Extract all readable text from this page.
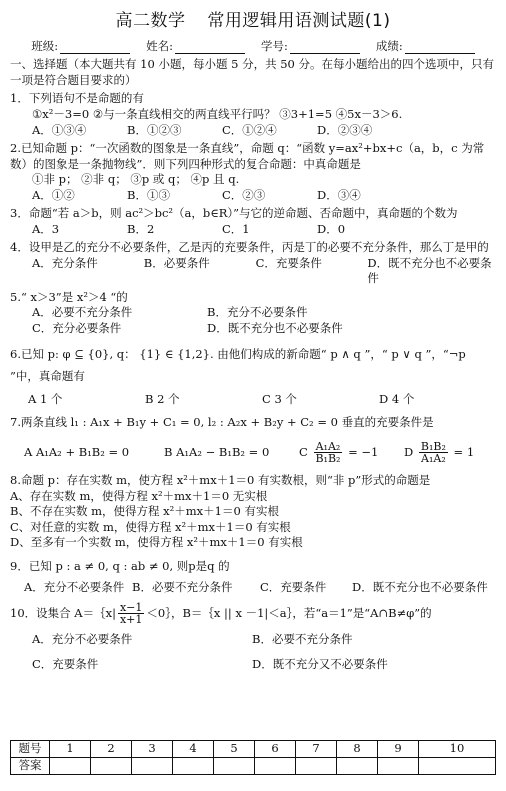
高二数学 常用逻辑用语测试题(1)
班级:	姓名:	学号:	成绩:
一、选择题（本大题共有 10 小题，每小题 5 分，共 50 分。在每小题给出的四个选项中，只有一项是符合题目要求的）
1．下列语句不是命题的有
①x²－3=0 ②与一条直线相交的两直线平行吗？ ③3+1=5 ④5x－3＞6.
A．①③④	B．①②③	C．①②④	D．②③④
2.已知命题 p：“一次函数的图象是一条直线”，命题 q：“函数 y=ax²+bx+c（a，b，c 为常数）的图象是一条抛物线”．则下列四种形式的复合命题：中真命题是
①非 p； ②非 q； ③p 或 q； ④p 且 q.
A．①②	B．①③	C．②③	D．③④
3．命题“若 a＞b，则 ac²＞bc²（a，b∈R）”与它的逆命题、否命题中，真命题的个数为
A．3	B．2	C．1	D．0
4．设甲是乙的充分不必要条件，乙是丙的充要条件，丙是丁的必要不充分条件，那么丁是甲的
A．充分条件	B．必要条件	C．充要条件	D．既不充分也不必要条件
5.“ x＞3”是 x²＞4 “的
A．必要不充分条件	B．充分不必要条件
C．充分必要条件	D．既不充分也不必要条件
6.已知 p: φ ⊆ {0}, q： {1} ∈ {1,2}. 由他们构成的新命题“ p ∧ q ”，“ p ∨ q ”，“¬p ”中，真命题有
A 1 个	B 2 个	C 3 个	D 4 个
7.两条直线 l₁ : A₁x + B₁y + C₁ = 0, l₂ : A₂x + B₂y + C₂ = 0 垂直的充要条件是
A A₁A₂ + B₁B₂ = 0	B A₁A₂ − B₁B₂ = 0	C $\frac{\text{A₁A₂}}{\text{B₁B₂}} = -1$	D $\frac{\text{B₁B₂}}{\text{A₁A₂}} = 1$
8.命题 p：存在实数 m，使方程 x²＋mx＋1＝0 有实数根，则“非 p”形式的命题是
A、存在实数 m，使得方程 x²＋mx＋1＝0 无实根
B、不存在实数 m，使得方程 x²＋mx＋1＝0 有实根
C、对任意的实数 m，使得方程 x²＋mx＋1＝0 有实根
D、至多有一个实数 m，使得方程 x²＋mx＋1＝0 有实根
9．已知 p : a ≠ 0, q : ab ≠ 0, 则p是q 的
A．充分不必要条件 B．必要不充分条件	C．充要条件	D．既不充分也不必要条件
10．设集合 A＝｛x| $\frac{x-1}{x+1}$ ＜0｝，B＝｛x || x －1|＜a｝，若“a＝1”是“A∩B≠φ”的
A．充分不必要条件	B．必要不充分条件
C．充要条件	D．既不充分又不必要条件
题号	1	2	3	4	5	6	7	8	9	10
答案										
